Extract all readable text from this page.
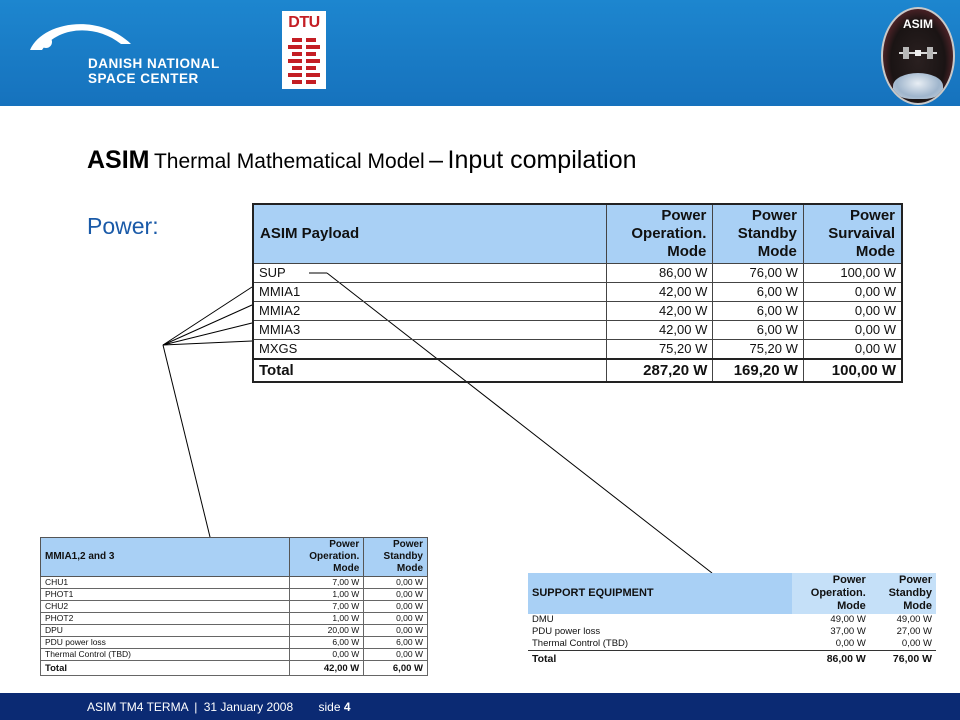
DANISH NATIONAL
SPACE CENTER
DTU	ASIM
ASIM Thermal Mathematical Model – Input compilation
Power:	ASIM Payload	Power Operation. Mode	Power Standby Mode	Power Survaival Mode
SUP	86,00 W	76,00 W	100,00 W
MMIA1	42,00 W	6,00 W	0,00 W
MMIA2	42,00 W	6,00 W	0,00 W
MMIA3	42,00 W	6,00 W	0,00 W
MXGS	75,20 W	75,20 W	0,00 W
Total	287,20 W	169,20 W	100,00 W
MMIA1,2 and 3	Power Operation. Mode	Power Standby Mode
CHU1	7,00 W	0,00 W
PHOT1	1,00 W	0,00 W
CHU2	7,00 W	0,00 W
PHOT2	1,00 W	0,00 W
DPU	20,00 W	0,00 W
PDU power loss	6,00 W	6,00 W
Thermal Control (TBD)	0,00 W	0,00 W
Total	42,00 W	6,00 W
SUPPORT EQUIPMENT	Power Operation. Mode	Power Standby Mode
DMU	49,00 W	49,00 W
PDU power loss	37,00 W	27,00 W
Thermal Control (TBD)	0,00 W	0,00 W
Total	86,00 W	76,00 W
ASIM TM4 TERMA | 31 January 2008 side 4
